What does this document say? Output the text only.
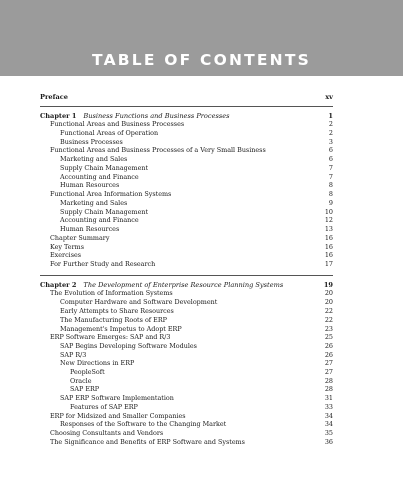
TABLE OF CONTENTS
Preface	xv
Chapter 1 Business Functions and Business Processes	1
Functional Areas and Business Processes	2
Functional Areas of Operation	2
Business Processes	3
Functional Areas and Business Processes of a Very Small Business	6
Marketing and Sales	6
Supply Chain Management	7
Accounting and Finance	7
Human Resources	8
Functional Area Information Systems	8
Marketing and Sales	9
Supply Chain Management	10
Accounting and Finance	12
Human Resources	13
Chapter Summary	16
Key Terms	16
Exercises	16
For Further Study and Research	17
Chapter 2 The Development of Enterprise Resource Planning Systems	19
The Evolution of Information Systems	20
Computer Hardware and Software Development	20
Early Attempts to Share Resources	22
The Manufacturing Roots of ERP	22
Management's Impetus to Adopt ERP	23
ERP Software Emerges: SAP and R/3	25
SAP Begins Developing Software Modules	26
SAP R/3	26
New Directions in ERP	27
PeopleSoft	27
Oracle	28
SAP ERP	28
SAP ERP Software Implementation	31
Features of SAP ERP	33
ERP for Midsized and Smaller Companies	34
Responses of the Software to the Changing Market	34
Choosing Consultants and Vendors	35
The Significance and Benefits of ERP Software and Systems	36
